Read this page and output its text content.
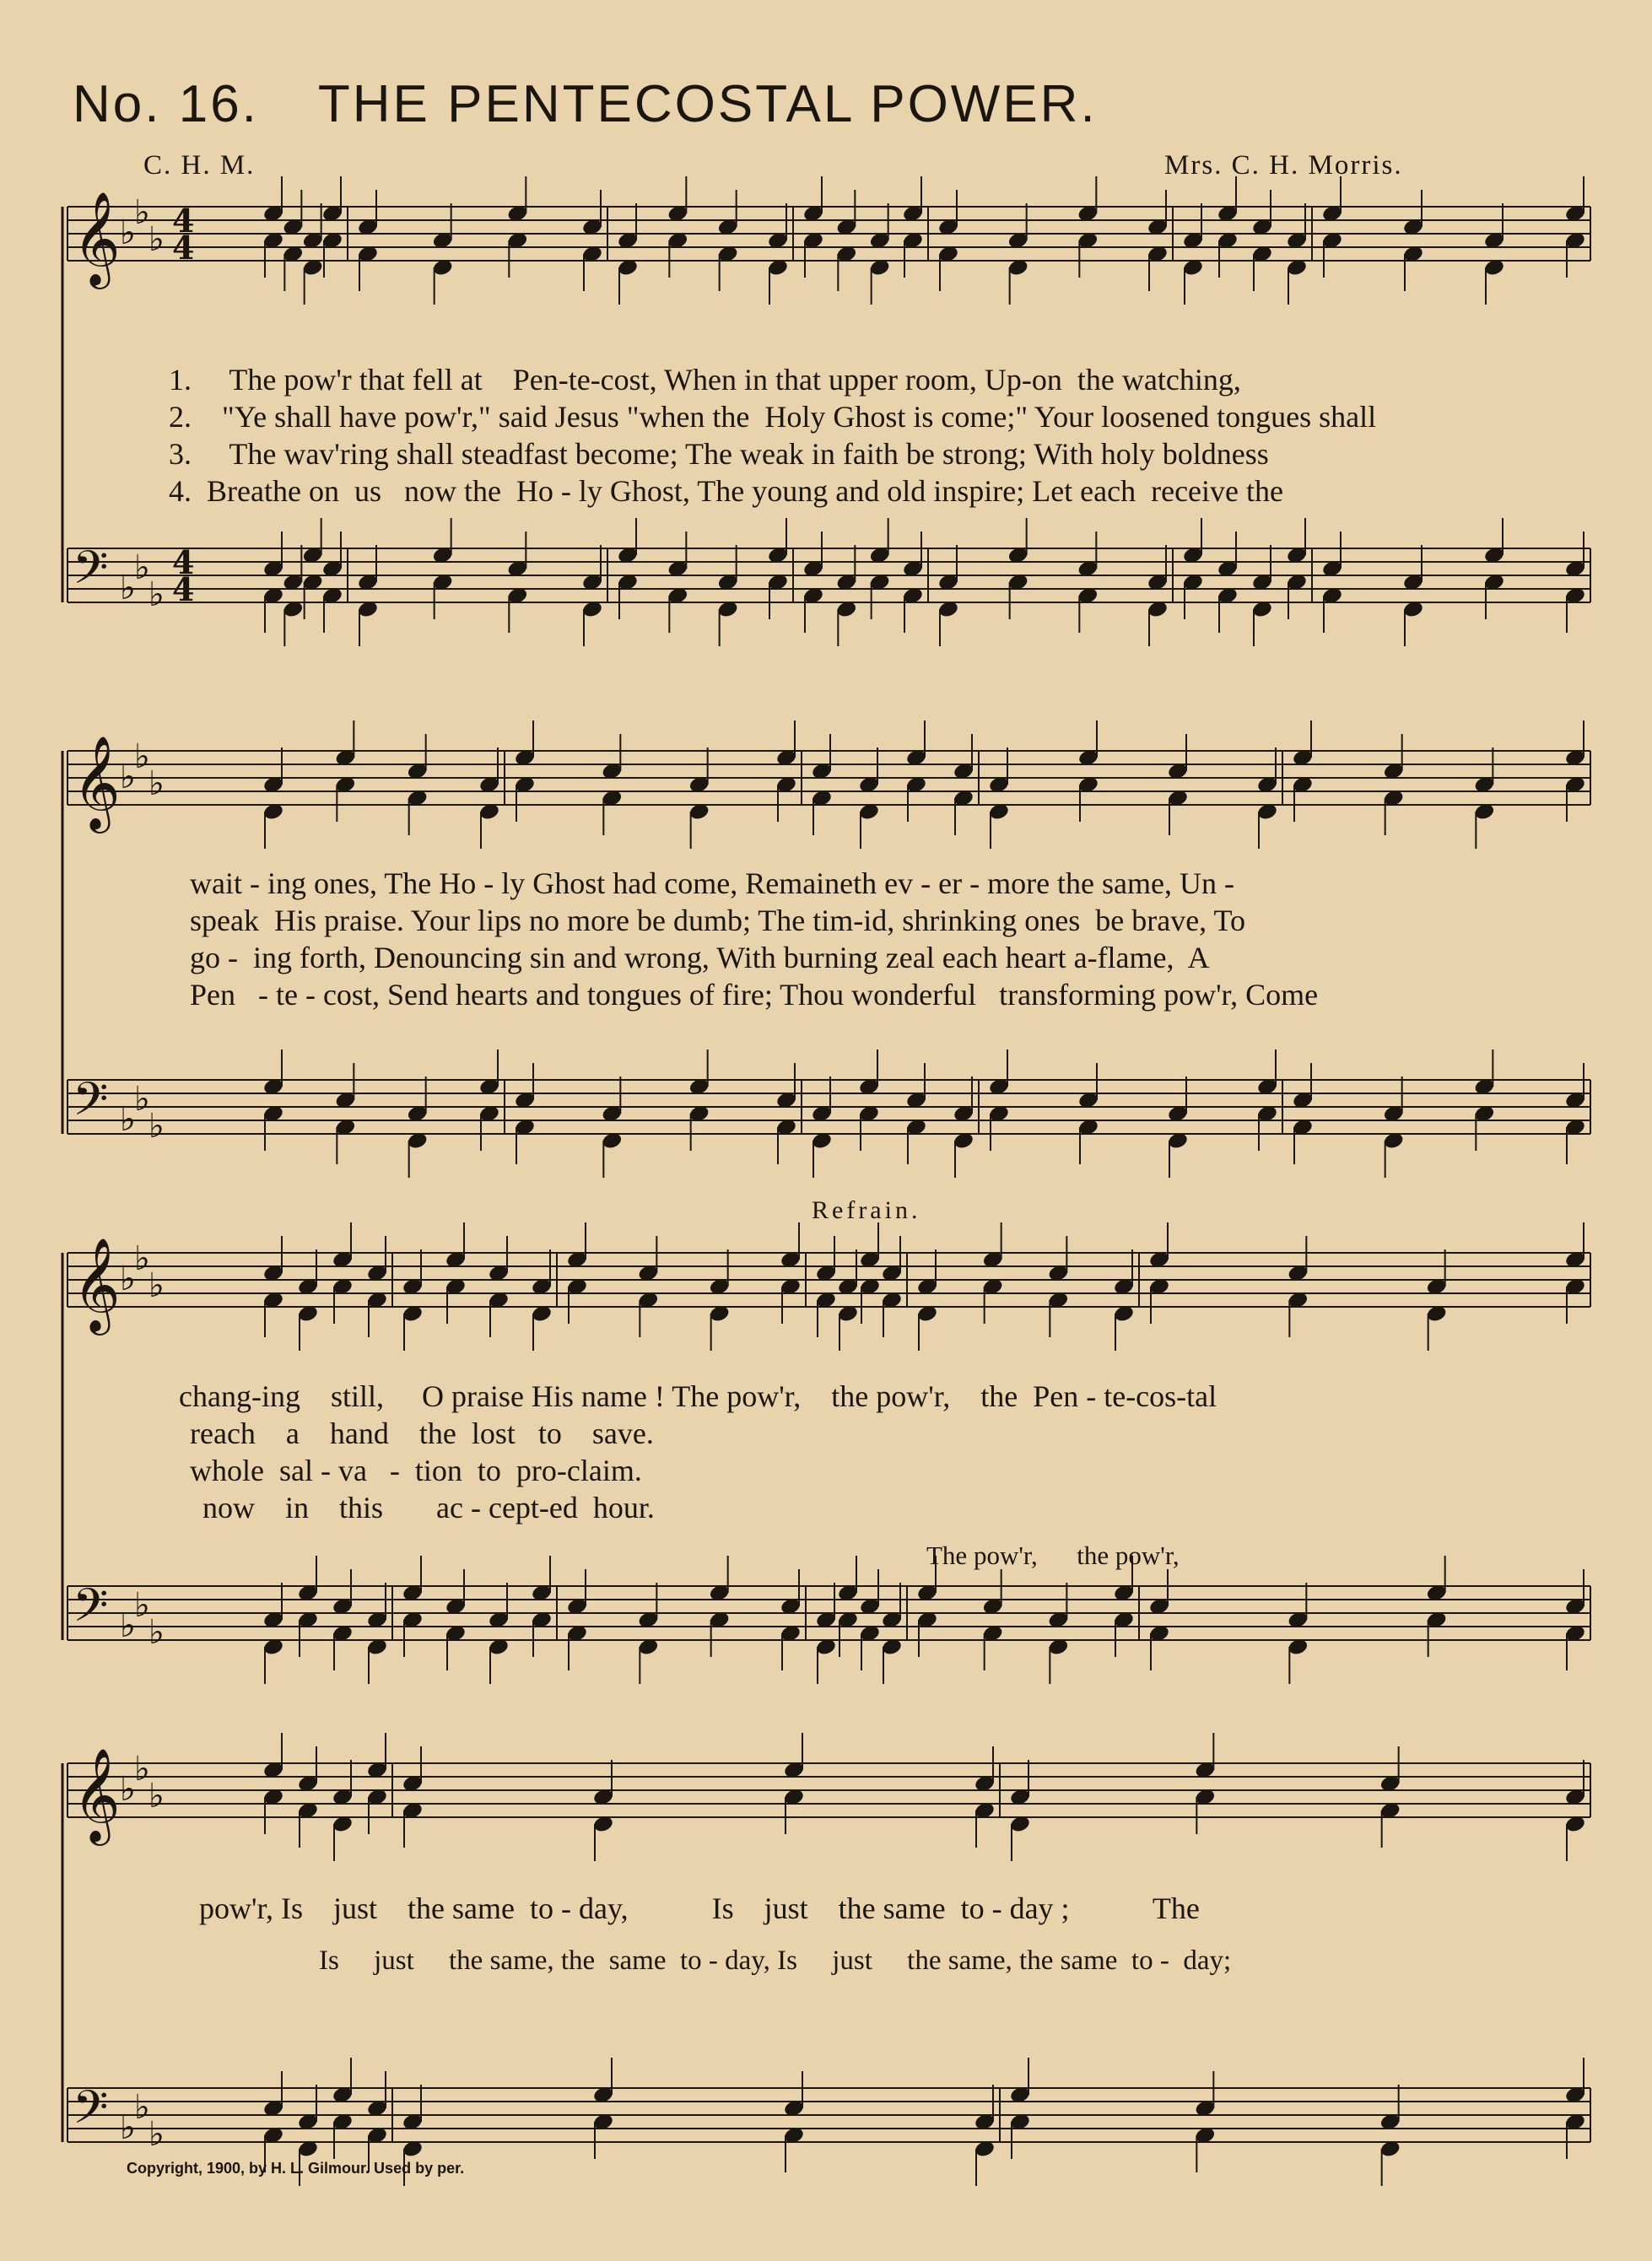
No. 16. THE PENTECOSTAL POWER.
C. H. M.	Mrs. C. H. Morris.
𝄞 ♭
♭
♭ 4
4
𝄢 ♭
♭
♭
4
4
𝄞 ♭
♭
♭
𝄢 ♭
♭
♭
𝄞 ♭
♭
♭
𝄢 ♭
♭
♭
𝄞 ♭
♭
♭
𝄢 ♭
♭
♭
1.     The pow'r that fell at    Pen-te-cost, When in that upper room, Up-on  the watching,
2.    "Ye shall have pow'r," said Jesus "when the  Holy Ghost is come;" Your loosened tongues shall
3.     The wav'ring shall steadfast become; The weak in faith be strong; With holy boldness
4.  Breathe on  us   now the  Ho - ly Ghost, The young and old inspire; Let each  receive the
wait - ing ones, The Ho - ly Ghost had come, Remaineth ev - er - more the same, Un -
speak  His praise. Your lips no more be dumb; The tim-id, shrinking ones  be brave, To
go -  ing forth, Denouncing sin and wrong, With burning zeal each heart a-flame,  A
Pen   - te - cost, Send hearts and tongues of fire; Thou wonderful   transforming pow'r, Come
Refrain.
chang-ing    still,     O praise His name ! The pow'r,    the pow'r,    the  Pen - te-cos-tal
reach    a    hand    the  lost   to    save.
whole  sal - va   -  tion  to  pro-claim.
now    in    this       ac - cept-ed  hour.
The pow'r,      the pow'r,
pow'r, Is    just    the same  to - day,           Is    just    the same  to - day ;           The
Is     just     the same, the  same  to - day, Is     just     the same, the same  to -  day;
Copyright, 1900, by H. L. Gilmour. Used by per.
